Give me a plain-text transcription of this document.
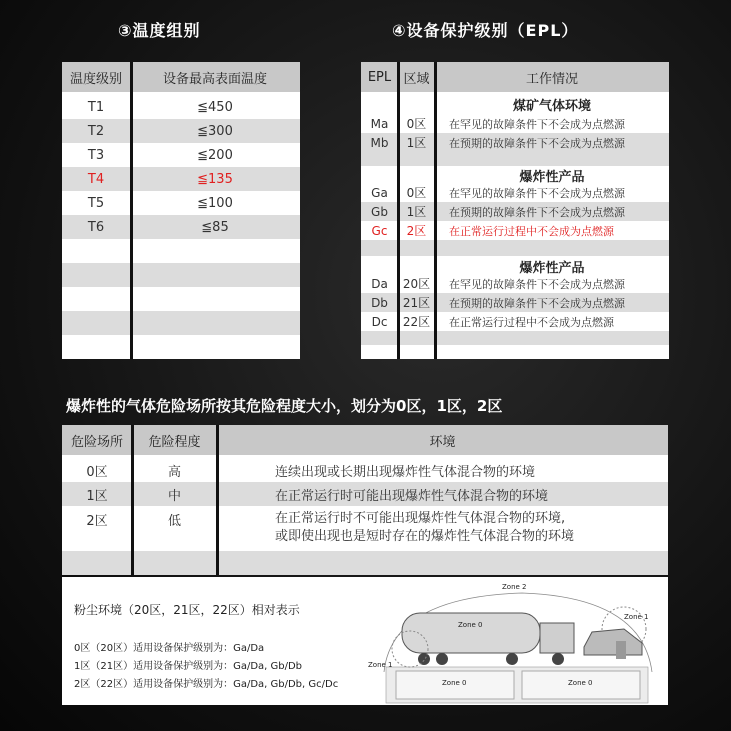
③温度组别
温度级别	设备最高表面温度
T1	≦450
T2	≦300
T3	≦200
T4	≦135
T5	≦100
T6	≦85
④设备保护级别（EPL）
EPL 区域	工作情况
煤矿气体环境
Ma	0区	在罕见的故障条件下不会成为点燃源
Mb	1区	在预期的故障条件下不会成为点燃源
爆炸性产品
Ga	0区	在罕见的故障条件下不会成为点燃源
Gb	1区	在预期的故障条件下不会成为点燃源
Gc	2区	在正常运行过程中不会成为点燃源
爆炸性产品
Da	20区	在罕见的故障条件下不会成为点燃源
Db	21区	在预期的故障条件下不会成为点燃源
Dc	22区	在正常运行过程中不会成为点燃源
爆炸性的气体危险场所按其危险程度大小，划分为0区，1区，2区
危险场所	危险程度	环境
0区	高	连续出现或长期出现爆炸性气体混合物的环境
1区	中	在正常运行时可能出现爆炸性气体混合物的环境
2区	低	在正常运行时不可能出现爆炸性气体混合物的环境,
或即使出现也是短时存在的爆炸性气体混合物的环境
粉尘环境（20区，21区，22区）相对表示
0区（20区）适用设备保护级别为：Ga/Da
1区（21区）适用设备保护级别为：Ga/Da, Gb/Db
2区（22区）适用设备保护级别为：Ga/Da, Gb/Db, Gc/Dc
Zone 2
Zone 1
Zone 1
Zone 0
Zone 0	Zone 0
